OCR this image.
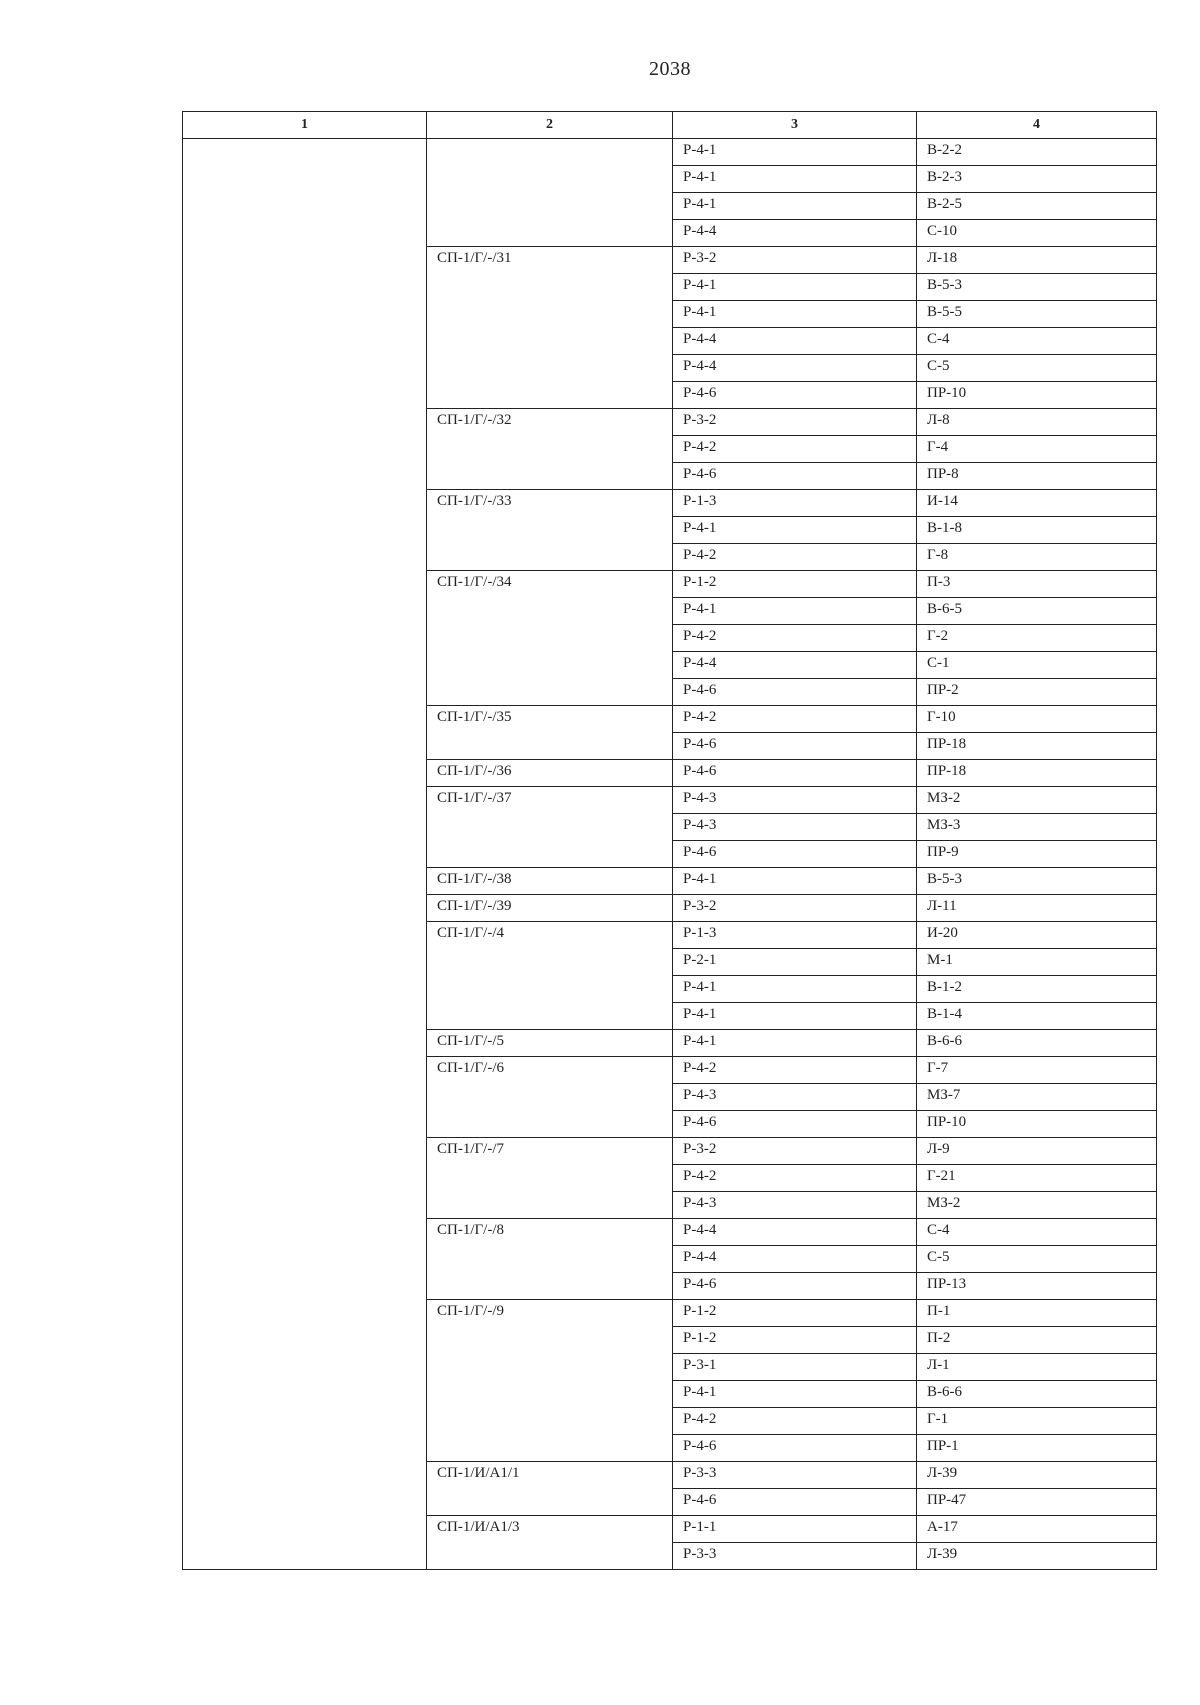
2038
1	2	3	4
		Р-4-1	В-2-2
		Р-4-1	В-2-3
		Р-4-1	В-2-5
		Р-4-4	С-10
	СП-1/Г/-/31	Р-3-2	Л-18
		Р-4-1	В-5-3
		Р-4-1	В-5-5
		Р-4-4	С-4
		Р-4-4	С-5
		Р-4-6	ПР-10
	СП-1/Г/-/32	Р-3-2	Л-8
		Р-4-2	Г-4
		Р-4-6	ПР-8
	СП-1/Г/-/33	Р-1-3	И-14
		Р-4-1	В-1-8
		Р-4-2	Г-8
	СП-1/Г/-/34	Р-1-2	П-3
		Р-4-1	В-6-5
		Р-4-2	Г-2
		Р-4-4	С-1
		Р-4-6	ПР-2
	СП-1/Г/-/35	Р-4-2	Г-10
		Р-4-6	ПР-18
	СП-1/Г/-/36	Р-4-6	ПР-18
	СП-1/Г/-/37	Р-4-3	МЗ-2
		Р-4-3	МЗ-3
		Р-4-6	ПР-9
	СП-1/Г/-/38	Р-4-1	В-5-3
	СП-1/Г/-/39	Р-3-2	Л-11
	СП-1/Г/-/4	Р-1-3	И-20
		Р-2-1	М-1
		Р-4-1	В-1-2
		Р-4-1	В-1-4
	СП-1/Г/-/5	Р-4-1	В-6-6
	СП-1/Г/-/6	Р-4-2	Г-7
		Р-4-3	МЗ-7
		Р-4-6	ПР-10
	СП-1/Г/-/7	Р-3-2	Л-9
		Р-4-2	Г-21
		Р-4-3	МЗ-2
	СП-1/Г/-/8	Р-4-4	С-4
		Р-4-4	С-5
		Р-4-6	ПР-13
	СП-1/Г/-/9	Р-1-2	П-1
		Р-1-2	П-2
		Р-3-1	Л-1
		Р-4-1	В-6-6
		Р-4-2	Г-1
		Р-4-6	ПР-1
	СП-1/И/А1/1	Р-3-3	Л-39
		Р-4-6	ПР-47
	СП-1/И/А1/3	Р-1-1	А-17
		Р-3-3	Л-39
